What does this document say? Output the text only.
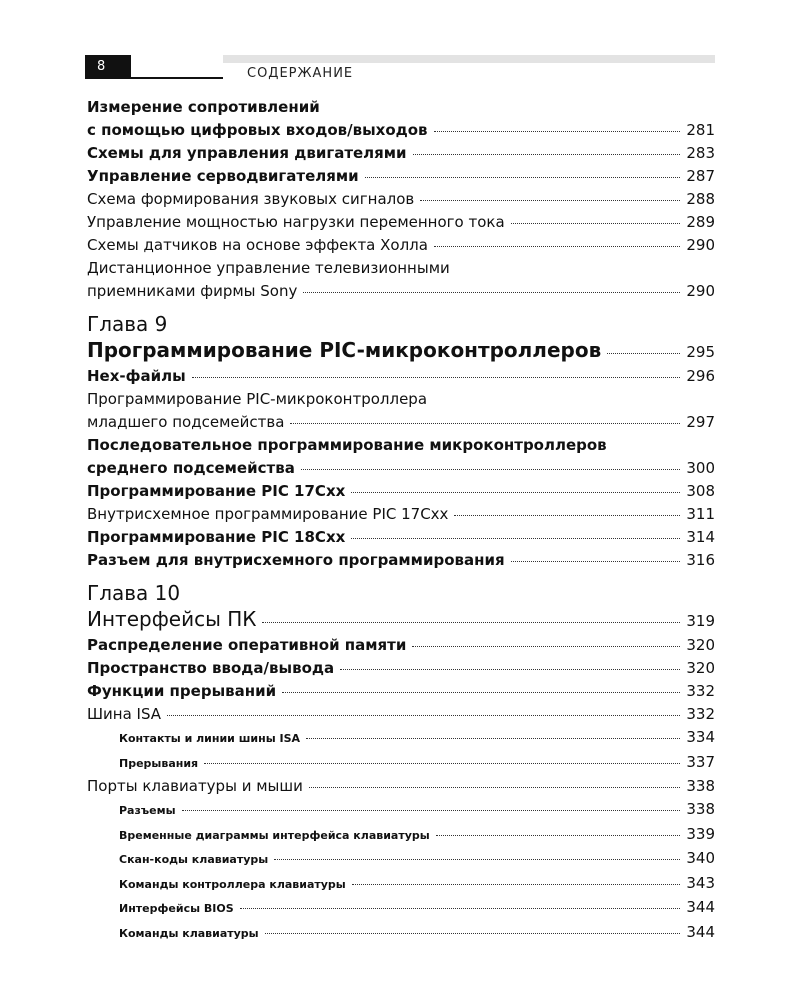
8	СОДЕРЖАНИЕ
Измерение сопротивлений
с помощью цифровых входов/выходов	281
Схемы для управления двигателями	283
Управление серводвигателями	287
Схема формирования звуковых сигналов	288
Управление мощностью нагрузки переменного тока	289
Схемы датчиков на основе эффекта Холла	290
Дистанционное управление телевизионными
приемниками фирмы Sony	290
Глава 9
Программирование PIC-микроконтроллеров	295
Hex-файлы	296
Программирование PIC-микроконтроллера
младшего подсемейства	297
Последовательное программирование микроконтроллеров
среднего подсемейства	300
Программирование PIC 17Cxx	308
Внутрисхемное программирование PIC 17Cxx	311
Программирование PIC 18Cxx	314
Разъем для внутрисхемного программирования	316
Глава 10
Интерфейсы ПК	319
Распределение оперативной памяти	320
Пространство ввода/вывода	320
Функции прерываний	332
Шина ISA	332
Контакты и линии шины ISA	334
Прерывания	337
Порты клавиатуры и мыши	338
Разъемы	338
Временные диаграммы интерфейса клавиатуры	339
Скан-коды клавиатуры	340
Команды контроллера клавиатуры	343
Интерфейсы BIOS	344
Команды клавиатуры	344
